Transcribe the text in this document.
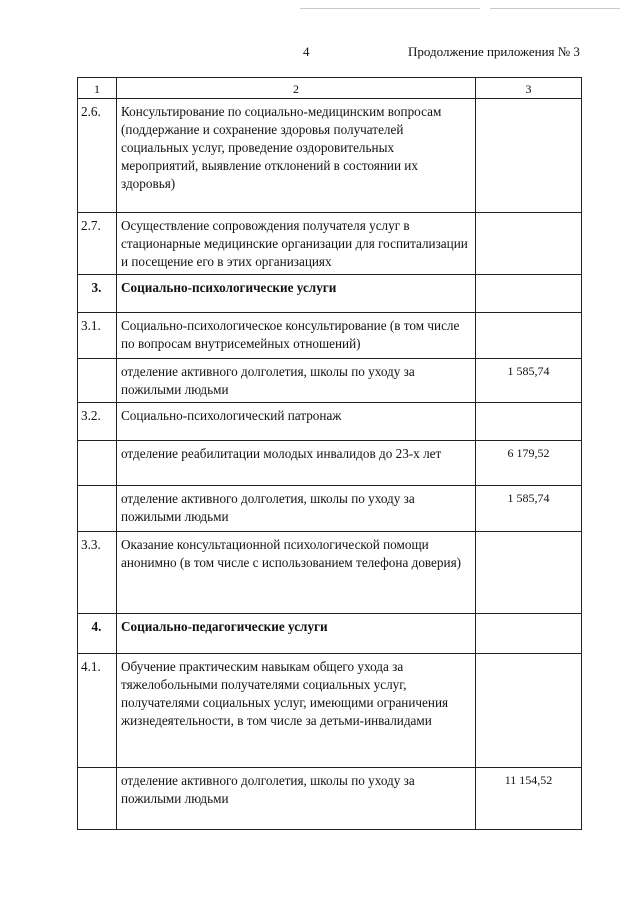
4	Продолжение приложения № 3
1	2	3
2.6.	Консультирование по социально-медицинским вопросам (поддержание и сохранение здоровья получателей социальных услуг, проведение оздоровительных мероприятий, выявление отклонений в состоянии их здоровья)	
2.7.	Осуществление сопровождения получателя услуг в стационарные медицинские организации для госпитализации и посещение его в этих организациях	
3.	Социально-психологические услуги	
3.1.	Социально-психологическое консультирование (в том числе по вопросам внутрисемейных отношений)	
	отделение активного долголетия, школы по уходу за пожилыми людьми	1 585,74
3.2.	Социально-психологический патронаж	
	отделение реабилитации молодых инвалидов до 23-х лет	6 179,52
	отделение активного долголетия, школы по уходу за пожилыми людьми	1 585,74
3.3.	Оказание консультационной психологической помощи анонимно (в том числе с использованием телефона доверия)	
4.	Социально-педагогические услуги	
4.1.	Обучение практическим навыкам общего ухода за тяжелобольными получателями социальных услуг, получателями социальных услуг, имеющими ограничения жизнедеятельности, в том числе за детьми-инвалидами	
	отделение активного долголетия, школы по уходу за пожилыми людьми	11 154,52
